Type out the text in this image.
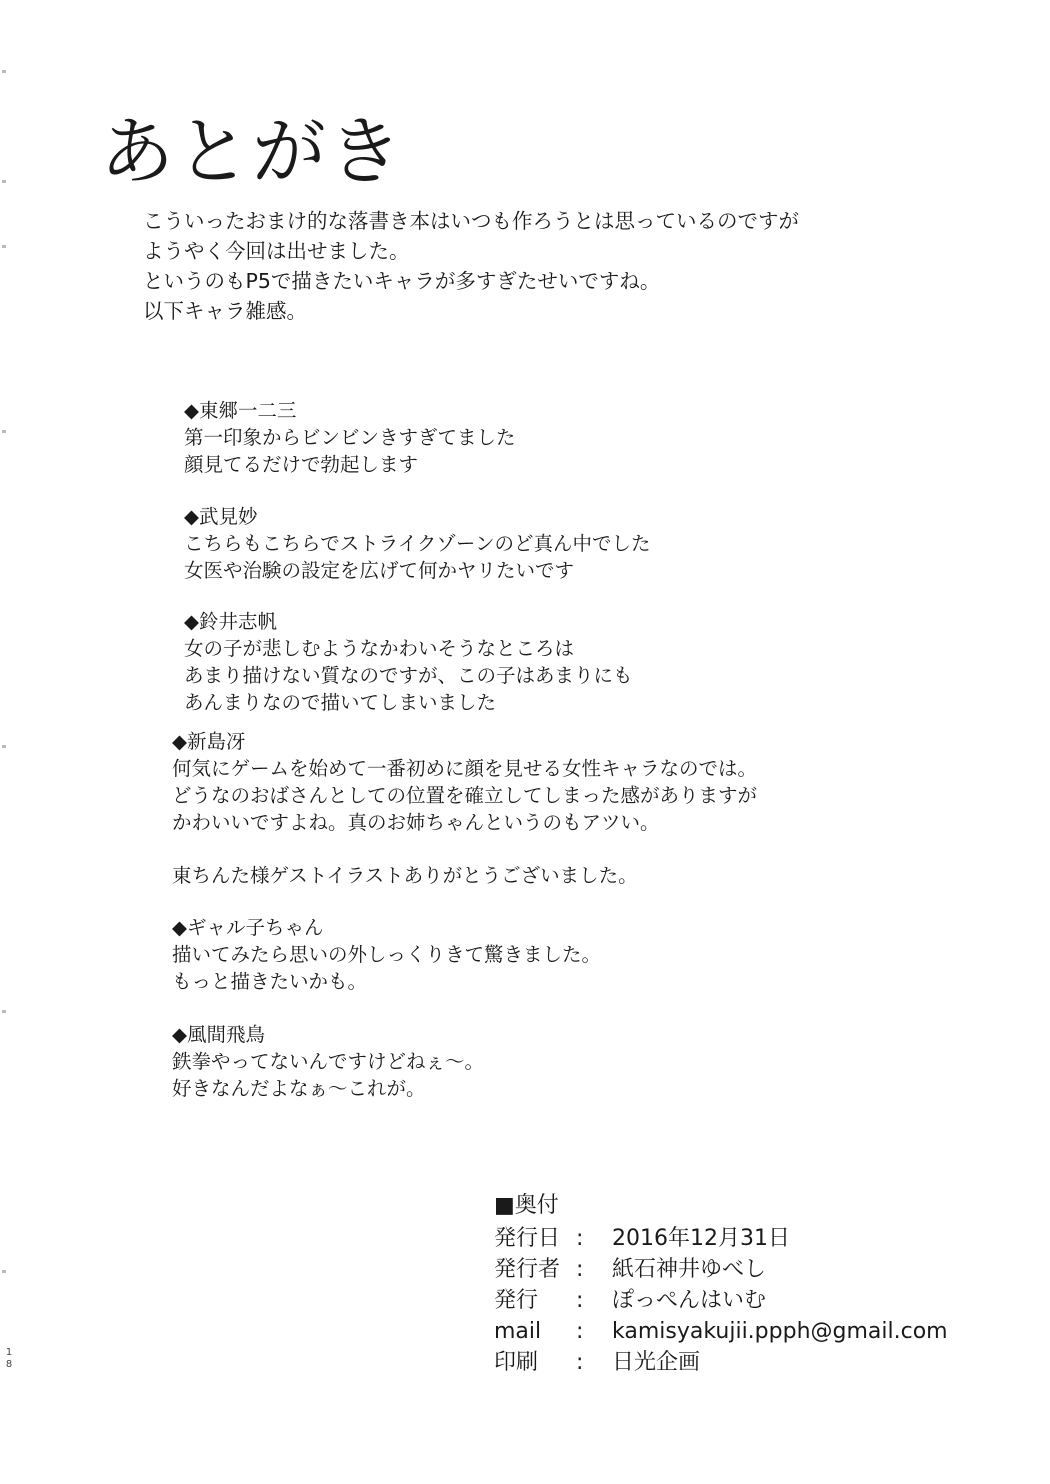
あとがき
こういったおまけ的な落書き本はいつも作ろうとは思っているのですが
ようやく今回は出せました。
というのもP5で描きたいキャラが多すぎたせいですね。
以下キャラ雑感。
◆東郷一二三
第一印象からビンビンきすぎてました
顔見てるだけで勃起します
◆武見妙
こちらもこちらでストライクゾーンのど真ん中でした
女医や治験の設定を広げて何かヤリたいです
◆鈴井志帆
女の子が悲しむようなかわいそうなところは
あまり描けない質なのですが、この子はあまりにも
あんまりなので描いてしまいました
◆新島冴
何気にゲームを始めて一番初めに顔を見せる女性キャラなのでは。
どうなのおばさんとしての位置を確立してしまった感がありますが
かわいいですよね。真のお姉ちゃんというのもアツい。
東ちんた様ゲストイラストありがとうございました。
◆ギャル子ちゃん
描いてみたら思いの外しっくりきて驚きました。
もっと描きたいかも。
◆風間飛鳥
鉄拳やってないんですけどねぇ～。
好きなんだよなぁ～これが。
■奥付
発行日 :	2016年12月31日
発行者 :	紙石神井ゆべし
発行	:	ぽっぺんはいむ
mail	:	kamisyakujii.ppph@gmail.com
印刷	:	日光企画
1
8
